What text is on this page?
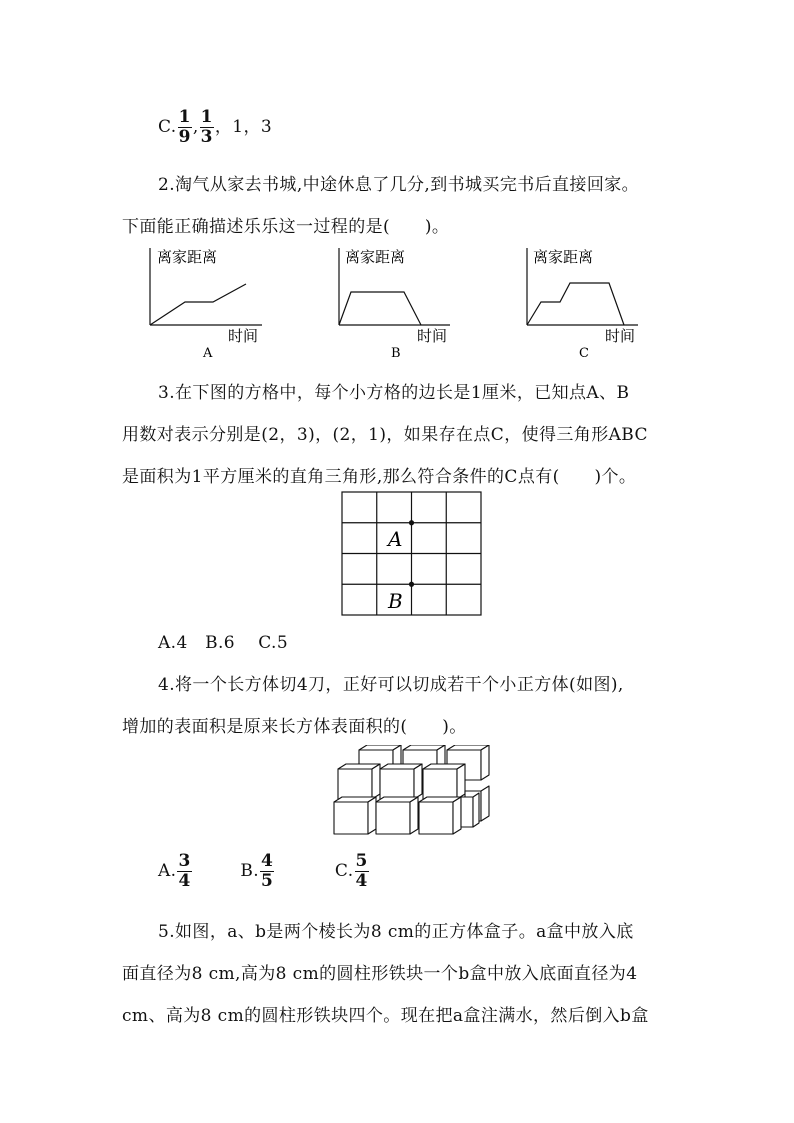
C. $\frac{1}{9}$ , $\frac{1}{3}$ ，1，3
2.淘气从家去书城,中途休息了几分,到书城买完书后直接回家。
下面能正确描述乐乐这一过程的是(　　)。
离家距离
时间
A
离家距离
时间
B
离家距离
时间
C
3.在下图的方格中，每个小方格的边长是1厘米，已知点A、B
用数对表示分别是(2，3)，(2，1)，如果存在点C，使得三角形ABC
是面积为1平方厘米的直角三角形,那么符合条件的C点有(　　)个。
A
B
A.4　B.6　 C.5
4.将一个长方体切4刀，正好可以切成若干个小正方体(如图),
增加的表面积是原来长方体表面积的(　　)。
A. $\frac{3}{4}$	B. $\frac{4}{5}$	C. $\frac{5}{4}$
5.如图，a、b是两个棱长为8 cm的正方体盒子。a盒中放入底
面直径为8 cm,高为8 cm的圆柱形铁块一个b盒中放入底面直径为4
cm、高为8 cm的圆柱形铁块四个。现在把a盒注满水，然后倒入b盒
